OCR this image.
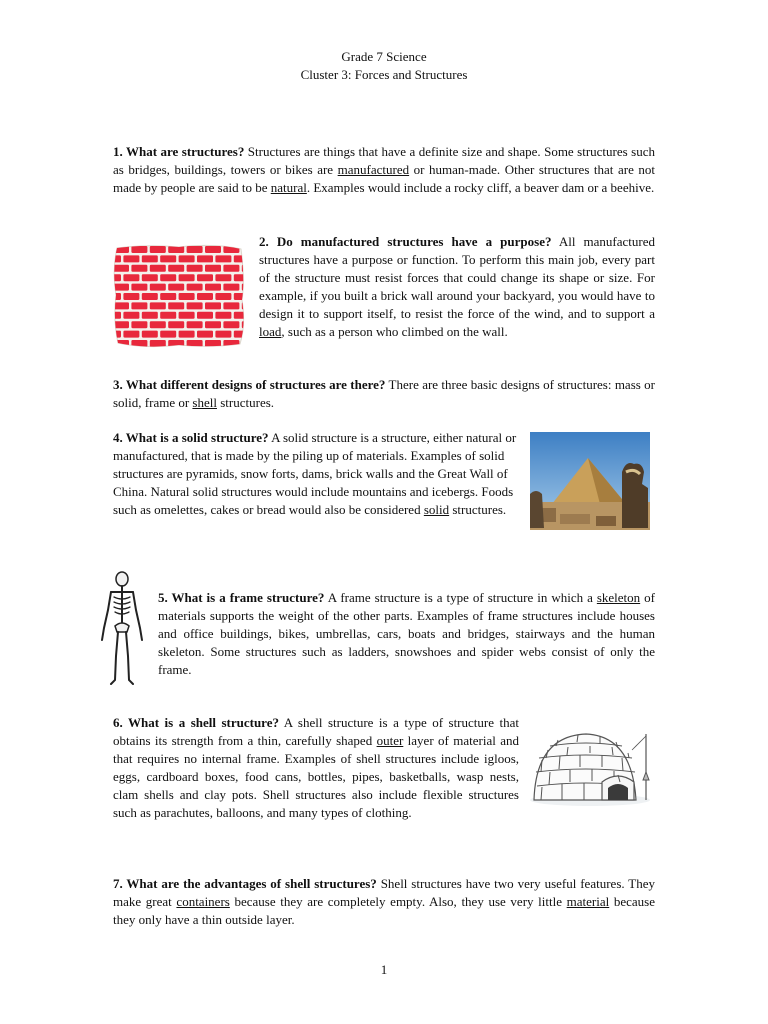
Grade 7 Science
Cluster 3: Forces and Structures

1. What are structures? Structures are things that have a definite size and shape. Some structures such as bridges, buildings, towers or bikes are manufactured or human-made. Other structures that are not made by people are said to be natural. Examples would include a rocky cliff, a beaver dam or a beehive.

2. Do manufactured structures have a purpose? All manufactured structures have a purpose or function. To perform this main job, every part of the structure must resist forces that could change its shape or size. For example, if you built a brick wall around your backyard, you would have to design it to support itself, to resist the force of the wind, and to support a load, such as a person who climbed on the wall.

3. What different designs of structures are there? There are three basic designs of structures: mass or solid, frame or shell structures.

4. What is a solid structure? A solid structure is a structure, either natural or manufactured, that is made by the piling up of materials. Examples of solid structures are pyramids, snow forts, dams, brick walls and the Great Wall of China. Natural solid structures would include mountains and icebergs. Foods such as omelettes, cakes or bread would also be considered solid structures.

5. What is a frame structure? A frame structure is a type of structure in which a skeleton of materials supports the weight of the other parts. Examples of frame structures include houses and office buildings, bikes, umbrellas, cars, boats and bridges, stairways and the human skeleton. Some structures such as ladders, snowshoes and spider webs consist of only the frame.

6. What is a shell structure? A shell structure is a type of structure that obtains its strength from a thin, carefully shaped outer layer of material and that requires no internal frame. Examples of shell structures include igloos, eggs, cardboard boxes, food cans, bottles, pipes, basketballs, wasp nests, clam shells and clay pots. Shell structures also include flexible structures such as parachutes, balloons, and many types of clothing.

7. What are the advantages of shell structures? Shell structures have two very useful features. They make great containers because they are completely empty. Also, they use very little material because they only have a thin outside layer.

1
